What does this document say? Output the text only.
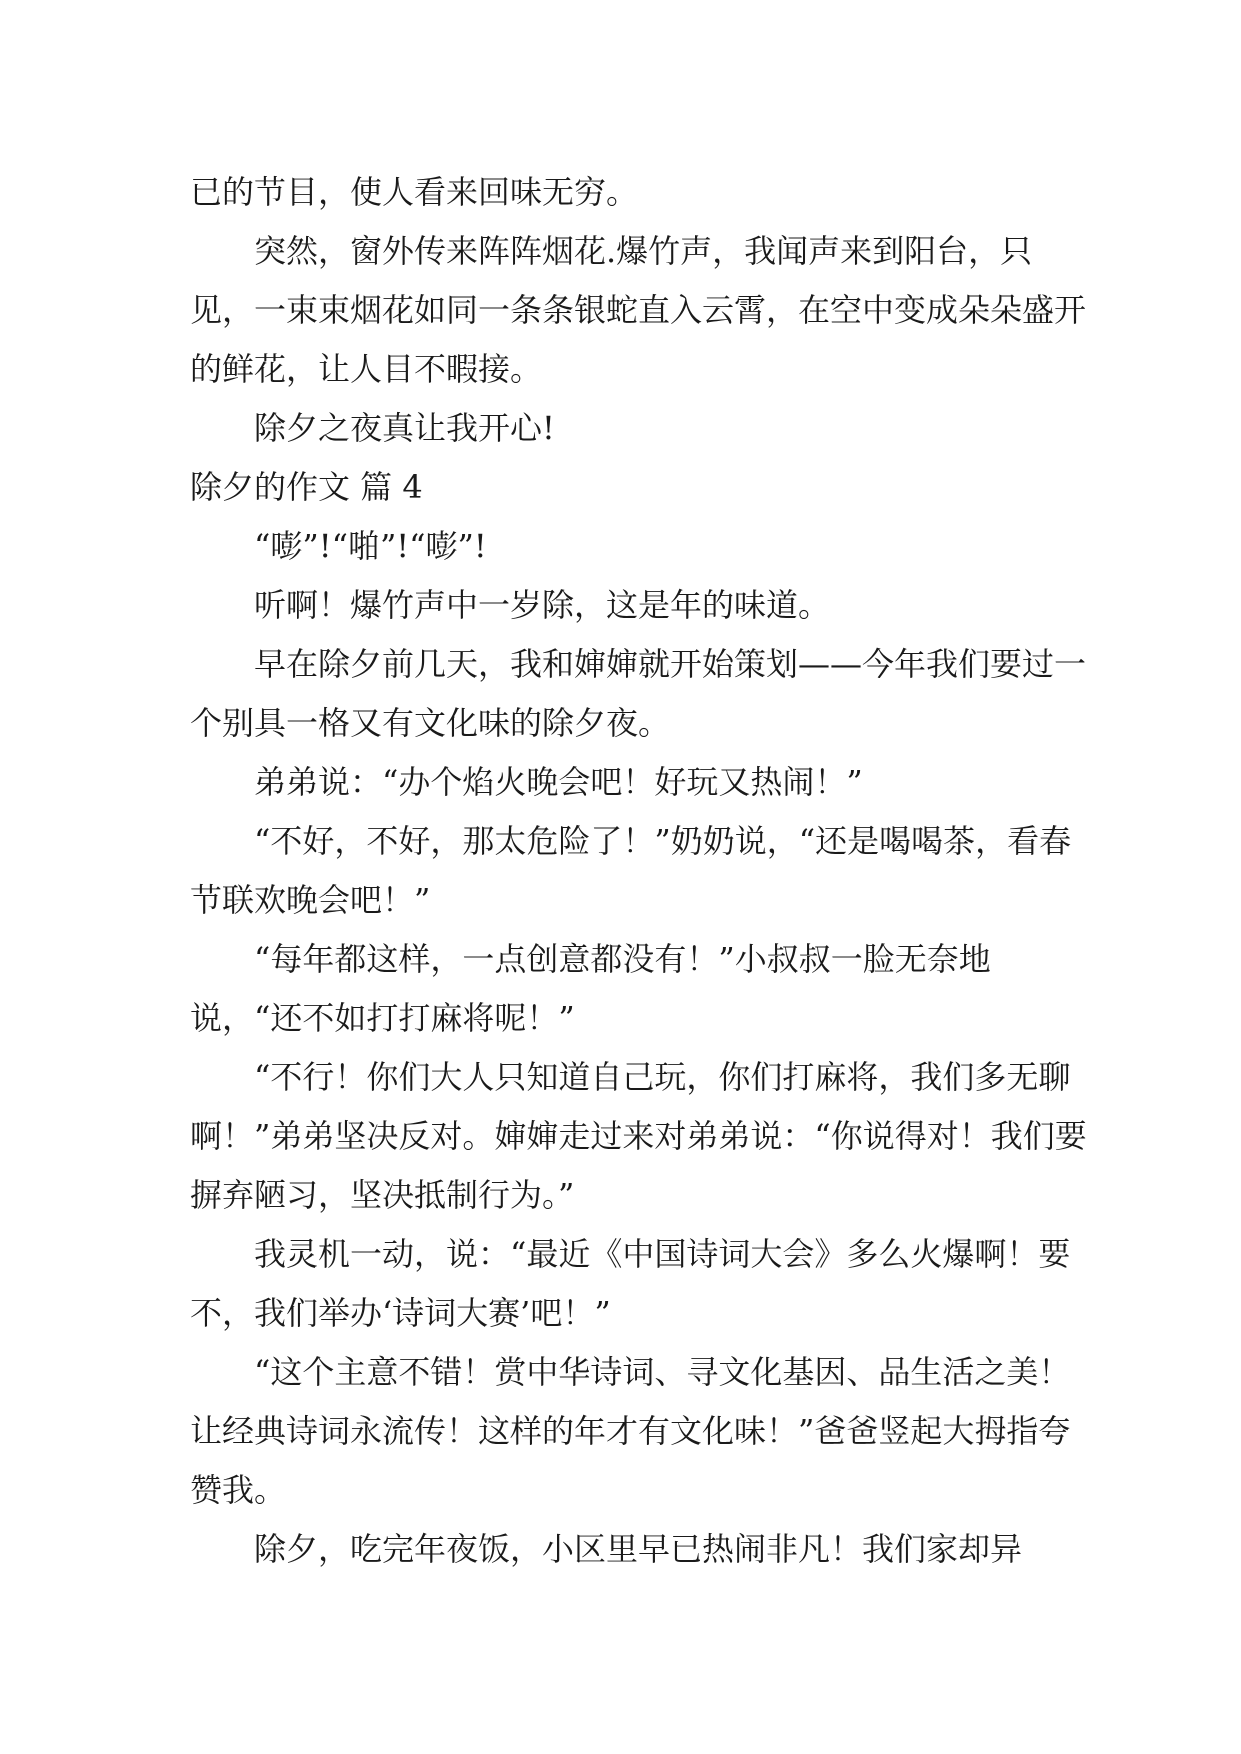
已的节目，使人看来回味无穷。

突然，窗外传来阵阵烟花.爆竹声，我闻声来到阳台，只见，一束束烟花如同一条条银蛇直入云霄，在空中变成朵朵盛开的鲜花，让人目不暇接。

除夕之夜真让我开心!

除夕的作文 篇 4

“嘭”!“啪”!“嘭”!

听啊！爆竹声中一岁除，这是年的味道。

早在除夕前几天，我和婶婶就开始策划——今年我们要过一个别具一格又有文化味的除夕夜。

弟弟说：“办个焰火晚会吧！好玩又热闹！”

“不好，不好，那太危险了！”奶奶说，“还是喝喝茶，看春节联欢晚会吧！”

“每年都这样，一点创意都没有！”小叔叔一脸无奈地说，“还不如打打麻将呢！”

“不行！你们大人只知道自己玩，你们打麻将，我们多无聊啊！”弟弟坚决反对。婶婶走过来对弟弟说：“你说得对！我们要摒弃陋习，坚决抵制行为。”

我灵机一动，说：“最近《中国诗词大会》多么火爆啊！要不，我们举办‘诗词大赛’吧！”

“这个主意不错！赏中华诗词、寻文化基因、品生活之美！让经典诗词永流传！这样的年才有文化味！”爸爸竖起大拇指夸赞我。

除夕，吃完年夜饭，小区里早已热闹非凡！我们家却异
